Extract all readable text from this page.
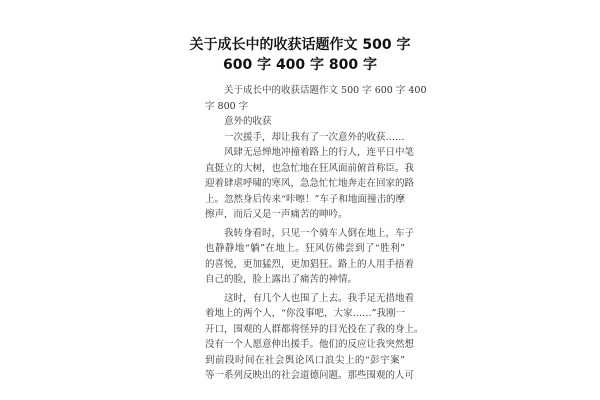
关于成长中的收获话题作文 500 字
600 字 400 字 800 字
关于成长中的收获话题作文 500 字 600 字 400
字 800 字
意外的收获
一次援手，却让我有了一次意外的收获……
风肆无忌惮地冲撞着路上的行人，连平日中笔
直挺立的大树，也急忙地在狂风面前俯首称臣。我
迎着肆虐呼啸的寒风，急急忙忙地奔走在回家的路
上。忽然身后传来“咔嚓！”车子和地面撞击的摩
擦声，而后又是一声痛苦的呻吟。
我转身看时，只见一个骑车人倒在地上，车子
也静静地“躺”在地上。狂风仿佛尝到了“胜利”
的喜悦，更加猛烈，更加猖狂。路上的人用手捂着
自己的脸，脸上露出了痛苦的神情。
这时，有几个人也围了上去。我手足无措地看
着地上的两个人，“你没事吧，大家……”我刚一
开口，围观的人群都将怪异的目光投在了我的身上。
没有一个人愿意伸出援手。他们的反应让我突然想
到前段时间在社会舆论风口浪尖上的“彭宇案”
等一系列反映出的社会道德问题。那些围观的人可
